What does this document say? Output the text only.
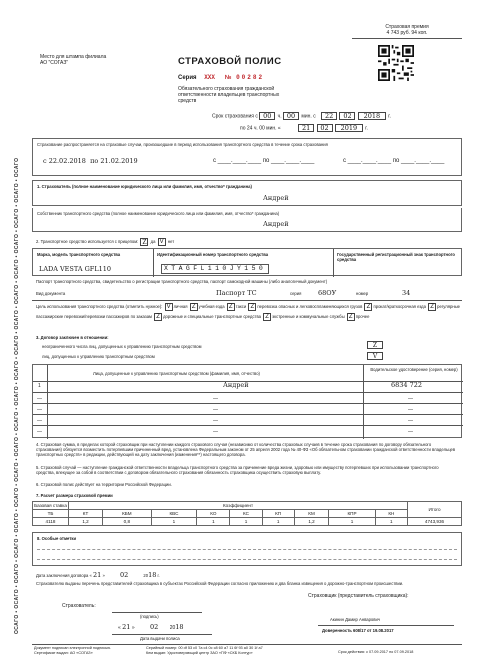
ОСАГО • ОСАГО • ОСАГО • ОСАГО • ОСАГО • ОСАГО • ОСАГО • ОСАГО • ОСАГО • ОСАГО • ОСАГО • ОСАГО • ОСАГО • ОСАГО • ОСАГО • ОСАГО • ОСАГО • ОСАГО • ОСАГО
Страховая премия
4 743 руб. 94 коп.
Место для штампа филиала АО "СОГАЗ"	СТРАХОВОЙ ПОЛИС
Серия ХХХ № 00282
Обязательного страхования гражданской ответственности владельцев транспортных средств
Срок страхования с 00 ч. 00 мин. с 22 02 2018 г.
по 24 ч. 00 мин. «	21 02 2019 г.
Страхование распространяется на страховые случаи, произошедшие в период использования транспортного средства в течение срока страхования
с 22.02.2018  по 21.02.2019	с ____.____.____ по ____.____.____	с ____.____.____ по ____.____.____
1. Страхователь (полное наименование юридического лица или фамилия, имя, отчество* гражданина)
Андрей
Собственник транспортного средства (полное наименование юридического лица или фамилия, имя, отчество* гражданина)
Андрей
2. Транспортное средство используется с прицепом: Z да V нет
Марка, модель транспортного средства
LADA VESTA GFL110
Идентификационный номер транспортного средства
XTAGFL110JY150
Государственный регистрационный знак транспортного средства
Паспорт транспортного средства, свидетельство о регистрации транспортного средства, паспорт самоходной машины (либо аналогичный документ)
Вид документа	Паспорт ТС	серия	68ОУ	номер	34
Цель использования транспортного средства (отметить нужное): V личная Z учебная езда Z такси Z перевозка опасных и легковоспламеняющихся грузов Z прокат/краткосрочная езда Z регулярные пассажирские перевозки/перевозки пассажиров по заказам Z дорожные и специальные транспортные средства Z экстренные и коммунальные службы Z прочее
3. Договор заключен в отношении:
неограниченного числа лиц, допущенных к управлению транспортным средством	Z
лиц, допущенных к управлению транспортным средством	V
Лица, допущенные к управлению транспортным средством (фамилия, имя, отчество)
Водительское удостоверение (серия, номер)
1	Андрей	6834 722
—
—
—
—
—
—
—
—
—
—
—
—
4. Страховая сумма, в пределах которой страховщик при наступлении каждого страхового случая (независимо от количества страховых случаев в течение срока страхования по договору обязательного страхования) обязуется возместить потерпевшим причиненный вред, установлена Федеральным законом от 25 апреля 2002 года № 40-ФЗ «Об обязательном страховании гражданской ответственности владельцев транспортных средств» в редакции, действующей на дату заключения (изменения**) настоящего договора.
5. Страховой случай — наступление гражданской ответственности владельца транспортного средства за причинение вреда жизни, здоровью или имуществу потерпевших при использовании транспортного средства, влекущее за собой в соответствии с договором обязательного страхования обязанность страховщика осуществить страховую выплату.
6. Страховой полис действует на территории Российской Федерации.
7. Расчет размера страховой премии
Базовая ставка	Коэффициент									Итого
ТБ	КТ	КБМ	КВС	КО	КС	КП	КМ	КПР	КН	
4118	1,2	0,8	1	1	1	1	1,2	1	1	4743,936
8. Особые отметки
Дата заключения договора « 21 » 02	2018 г.
Страхователю выданы перечень представителей страховщика в субъектах Российской Федерации согласно приложению и два бланка извещения о дорожно-транспортном происшествии.
Страхователь:
(подпись)
« 21 » 02 2018
Дата выдачи полиса
Страховщик (представитель страховщика):
Акинин Дамир Анварович
Доверенность 608/17 от 19.08.2017
Документ подписан электронной подписью.
Сертификат выдан: АО «СОГАЗ»
Серийный номер: 00 df 53 c0 7a c4 0c c8 60 a7 11 6f 93 a0 30 1f a7
Кем выдан: Удостоверяющий центр ЗАО «ПФ «СКБ Контур»	Срок действия: с 07.09.2017 по 07.09.2018
